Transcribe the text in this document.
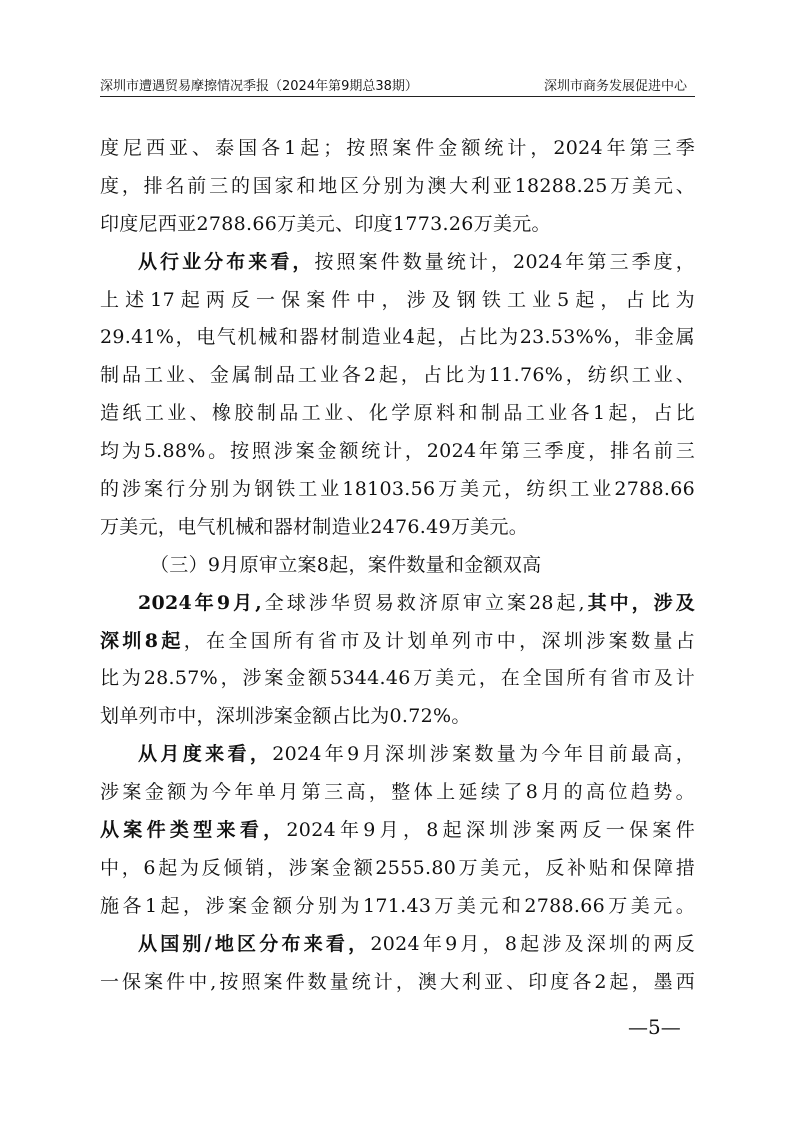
深圳市遭遇贸易摩擦情况季报（2024年第9期总38期）	深圳市商务发展促进中心
度尼西亚、泰国各1起；按照案件金额统计，2024年第三季
度，排名前三的国家和地区分别为澳大利亚18288.25万美元、
印度尼西亚2788.66万美元、印度1773.26万美元。
从行业分布来看，按照案件数量统计，2024年第三季度，
上述17起两反一保案件中，涉及钢铁工业5起，占比为
29.41%，电气机械和器材制造业4起，占比为23.53%%，非金属
制品工业、金属制品工业各2起，占比为11.76%，纺织工业、
造纸工业、橡胶制品工业、化学原料和制品工业各1起，占比
均为5.88%。按照涉案金额统计，2024年第三季度，排名前三
的涉案行分别为钢铁工业18103.56万美元，纺织工业2788.66
万美元，电气机械和器材制造业2476.49万美元。
（三）9月原审立案8起，案件数量和金额双高
2024年9月,全球涉华贸易救济原审立案28起,其中，涉及
深圳8起，在全国所有省市及计划单列市中，深圳涉案数量占
比为28.57%，涉案金额5344.46万美元，在全国所有省市及计
划单列市中，深圳涉案金额占比为0.72%。
从月度来看，2024年9月深圳涉案数量为今年目前最高，
涉案金额为今年单月第三高，整体上延续了8月的高位趋势。
从案件类型来看，2024年9月，8起深圳涉案两反一保案件
中，6起为反倾销，涉案金额2555.80万美元，反补贴和保障措
施各1起，涉案金额分别为171.43万美元和2788.66万美元。
从国别/地区分布来看，2024年9月，8起涉及深圳的两反
一保案件中,按照案件数量统计，澳大利亚、印度各2起，墨西
—5—
